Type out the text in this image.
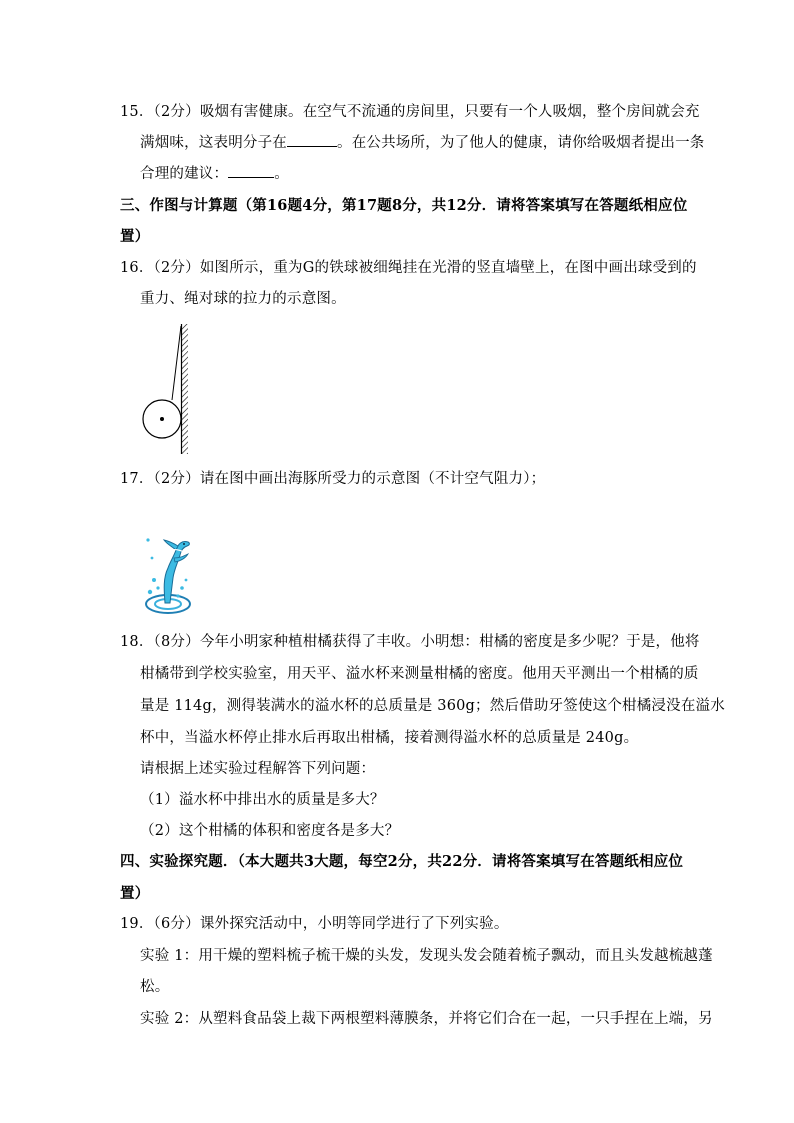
15．（2分）吸烟有害健康。在空气不流通的房间里，只要有一个人吸烟，整个房间就会充
满烟味，这表明分子在	。在公共场所，为了他人的健康，请你给吸烟者提出一条
合理的建议：	。
三、作图与计算题（第16题4分，第17题8分，共12分．请将答案填写在答题纸相应位
置）
16．（2分）如图所示，重为G的铁球被细绳挂在光滑的竖直墙壁上，在图中画出球受到的
重力、绳对球的拉力的示意图。
17．（2分）请在图中画出海豚所受力的示意图（不计空气阻力）；
18．（8分）今年小明家种植柑橘获得了丰收。小明想：柑橘的密度是多少呢？于是，他将
柑橘带到学校实验室，用天平、溢水杯来测量柑橘的密度。他用天平测出一个柑橘的质
量是 114g，测得装满水的溢水杯的总质量是 360g；然后借助牙签使这个柑橘浸没在溢水
杯中，当溢水杯停止排水后再取出柑橘，接着测得溢水杯的总质量是 240g。
请根据上述实验过程解答下列问题：
（1）溢水杯中排出水的质量是多大？
（2）这个柑橘的体积和密度各是多大？
四、实验探究题．（本大题共3大题，每空2分，共22分．请将答案填写在答题纸相应位
置）
19．（6分）课外探究活动中，小明等同学进行了下列实验。
实验 1：用干燥的塑料梳子梳干燥的头发，发现头发会随着梳子飘动，而且头发越梳越蓬
松。
实验 2：从塑料食品袋上裁下两根塑料薄膜条，并将它们合在一起，一只手捏在上端，另
